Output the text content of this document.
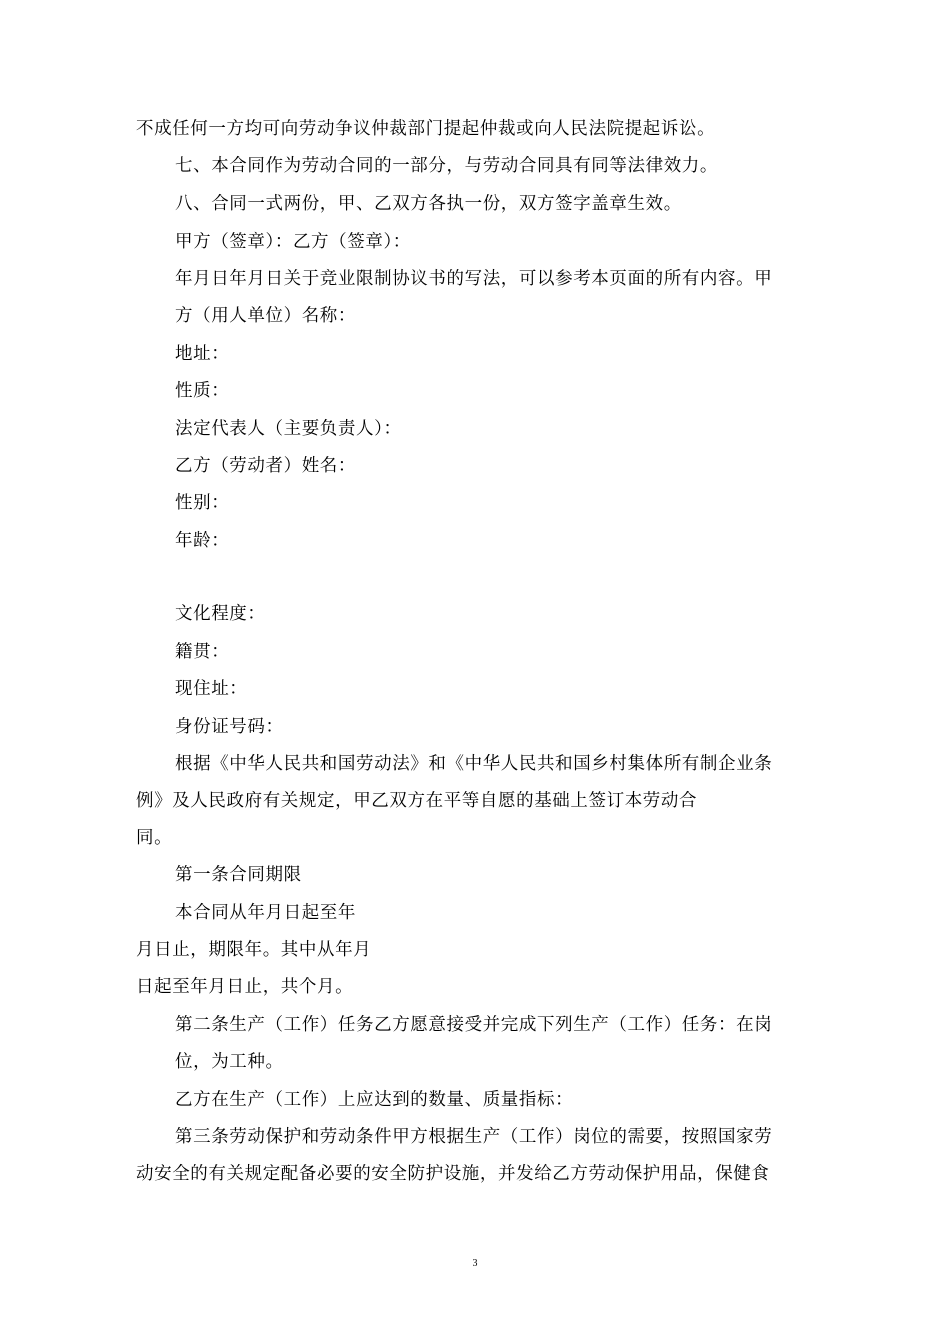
不成任何一方均可向劳动争议仲裁部门提起仲裁或向人民法院提起诉讼。
七、本合同作为劳动合同的一部分，与劳动合同具有同等法律效力。
八、合同一式两份，甲、乙双方各执一份，双方签字盖章生效。
甲方（签章）：乙方（签章）：
年月日年月日关于竞业限制协议书的写法，可以参考本页面的所有内容。甲
方（用人单位）名称：
地址：
性质：
法定代表人（主要负责人）：
乙方（劳动者）姓名：
性别：
年龄：
文化程度：
籍贯：
现住址：
身份证号码：
根据《中华人民共和国劳动法》和《中华人民共和国乡村集体所有制企业条
例》及人民政府有关规定，甲乙双方在平等自愿的基础上签订本劳动合
同。
第一条合同期限
本合同从年月日起至年
月日止，期限年。其中从年月
日起至年月日止，共个月。
第二条生产（工作）任务乙方愿意接受并完成下列生产（工作）任务：在岗
位，为工种。
乙方在生产（工作）上应达到的数量、质量指标：
第三条劳动保护和劳动条件甲方根据生产（工作）岗位的需要，按照国家劳
动安全的有关规定配备必要的安全防护设施，并发给乙方劳动保护用品，保健食
3
